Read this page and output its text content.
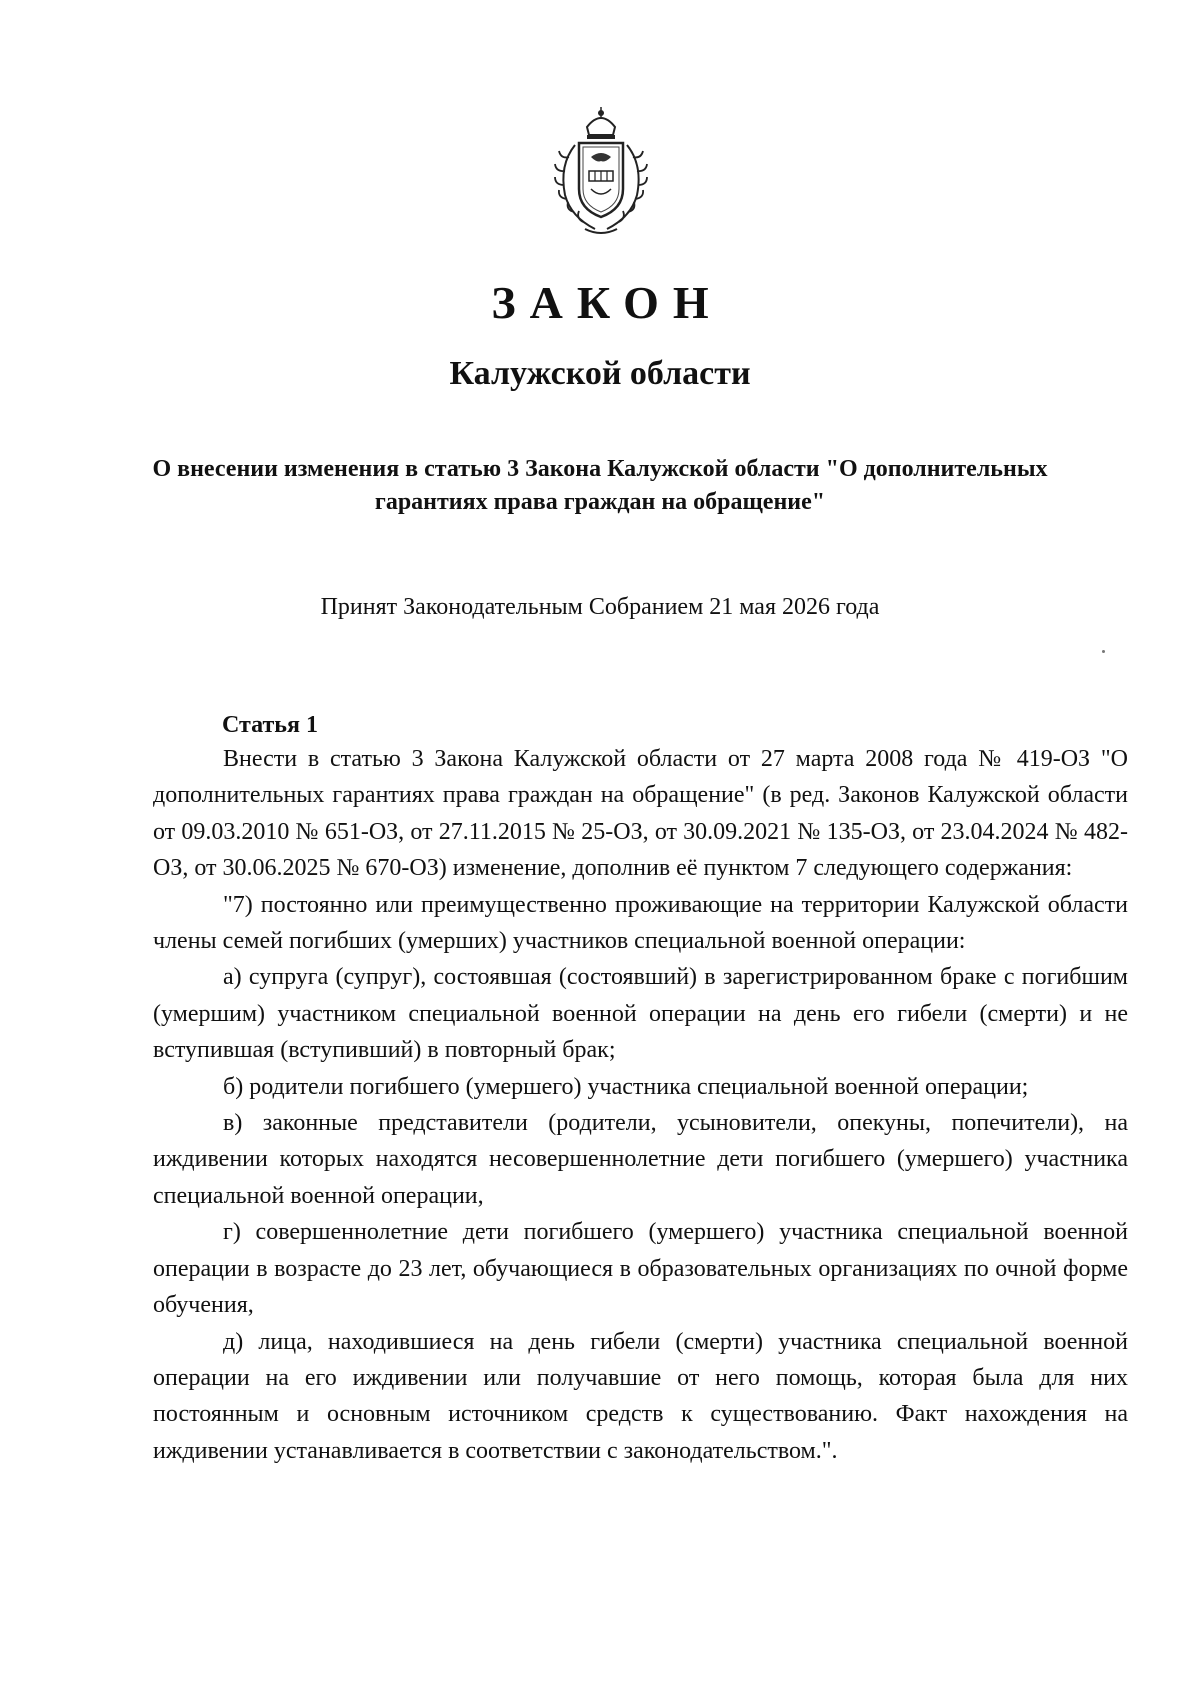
ЗАКОН
Калужской области

О внесении изменения в статью 3 Закона Калужской области "О дополнительных гарантиях права граждан на обращение"

Принят Законодательным Собранием 21 мая 2026 года

Статья 1

Внести в статью 3 Закона Калужской области от 27 марта 2008 года № 419-ОЗ "О дополнительных гарантиях права граждан на обращение" (в ред. Законов Калужской области от 09.03.2010 № 651-ОЗ, от 27.11.2015 № 25-ОЗ, от 30.09.2021 № 135-ОЗ, от 23.04.2024 № 482-ОЗ, от 30.06.2025 № 670-ОЗ) изменение, дополнив её пунктом 7 следующего содержания:

"7) постоянно или преимущественно проживающие на территории Калужской области члены семей погибших (умерших) участников специальной военной операции:

а) супруга (супруг), состоявшая (состоявший) в зарегистрированном браке с погибшим (умершим) участником специальной военной операции на день его гибели (смерти) и не вступившая (вступивший) в повторный брак;

б) родители погибшего (умершего) участника специальной военной операции;

в) законные представители (родители, усыновители, опекуны, попечители), на иждивении которых находятся несовершеннолетние дети погибшего (умершего) участника специальной военной операции,

г) совершеннолетние дети погибшего (умершего) участника специальной военной операции в возрасте до 23 лет, обучающиеся в образовательных организациях по очной форме обучения,

д) лица, находившиеся на день гибели (смерти) участника специальной военной операции на его иждивении или получавшие от него помощь, которая была для них постоянным и основным источником средств к существованию. Факт нахождения на иждивении устанавливается в соответствии с законодательством.".
